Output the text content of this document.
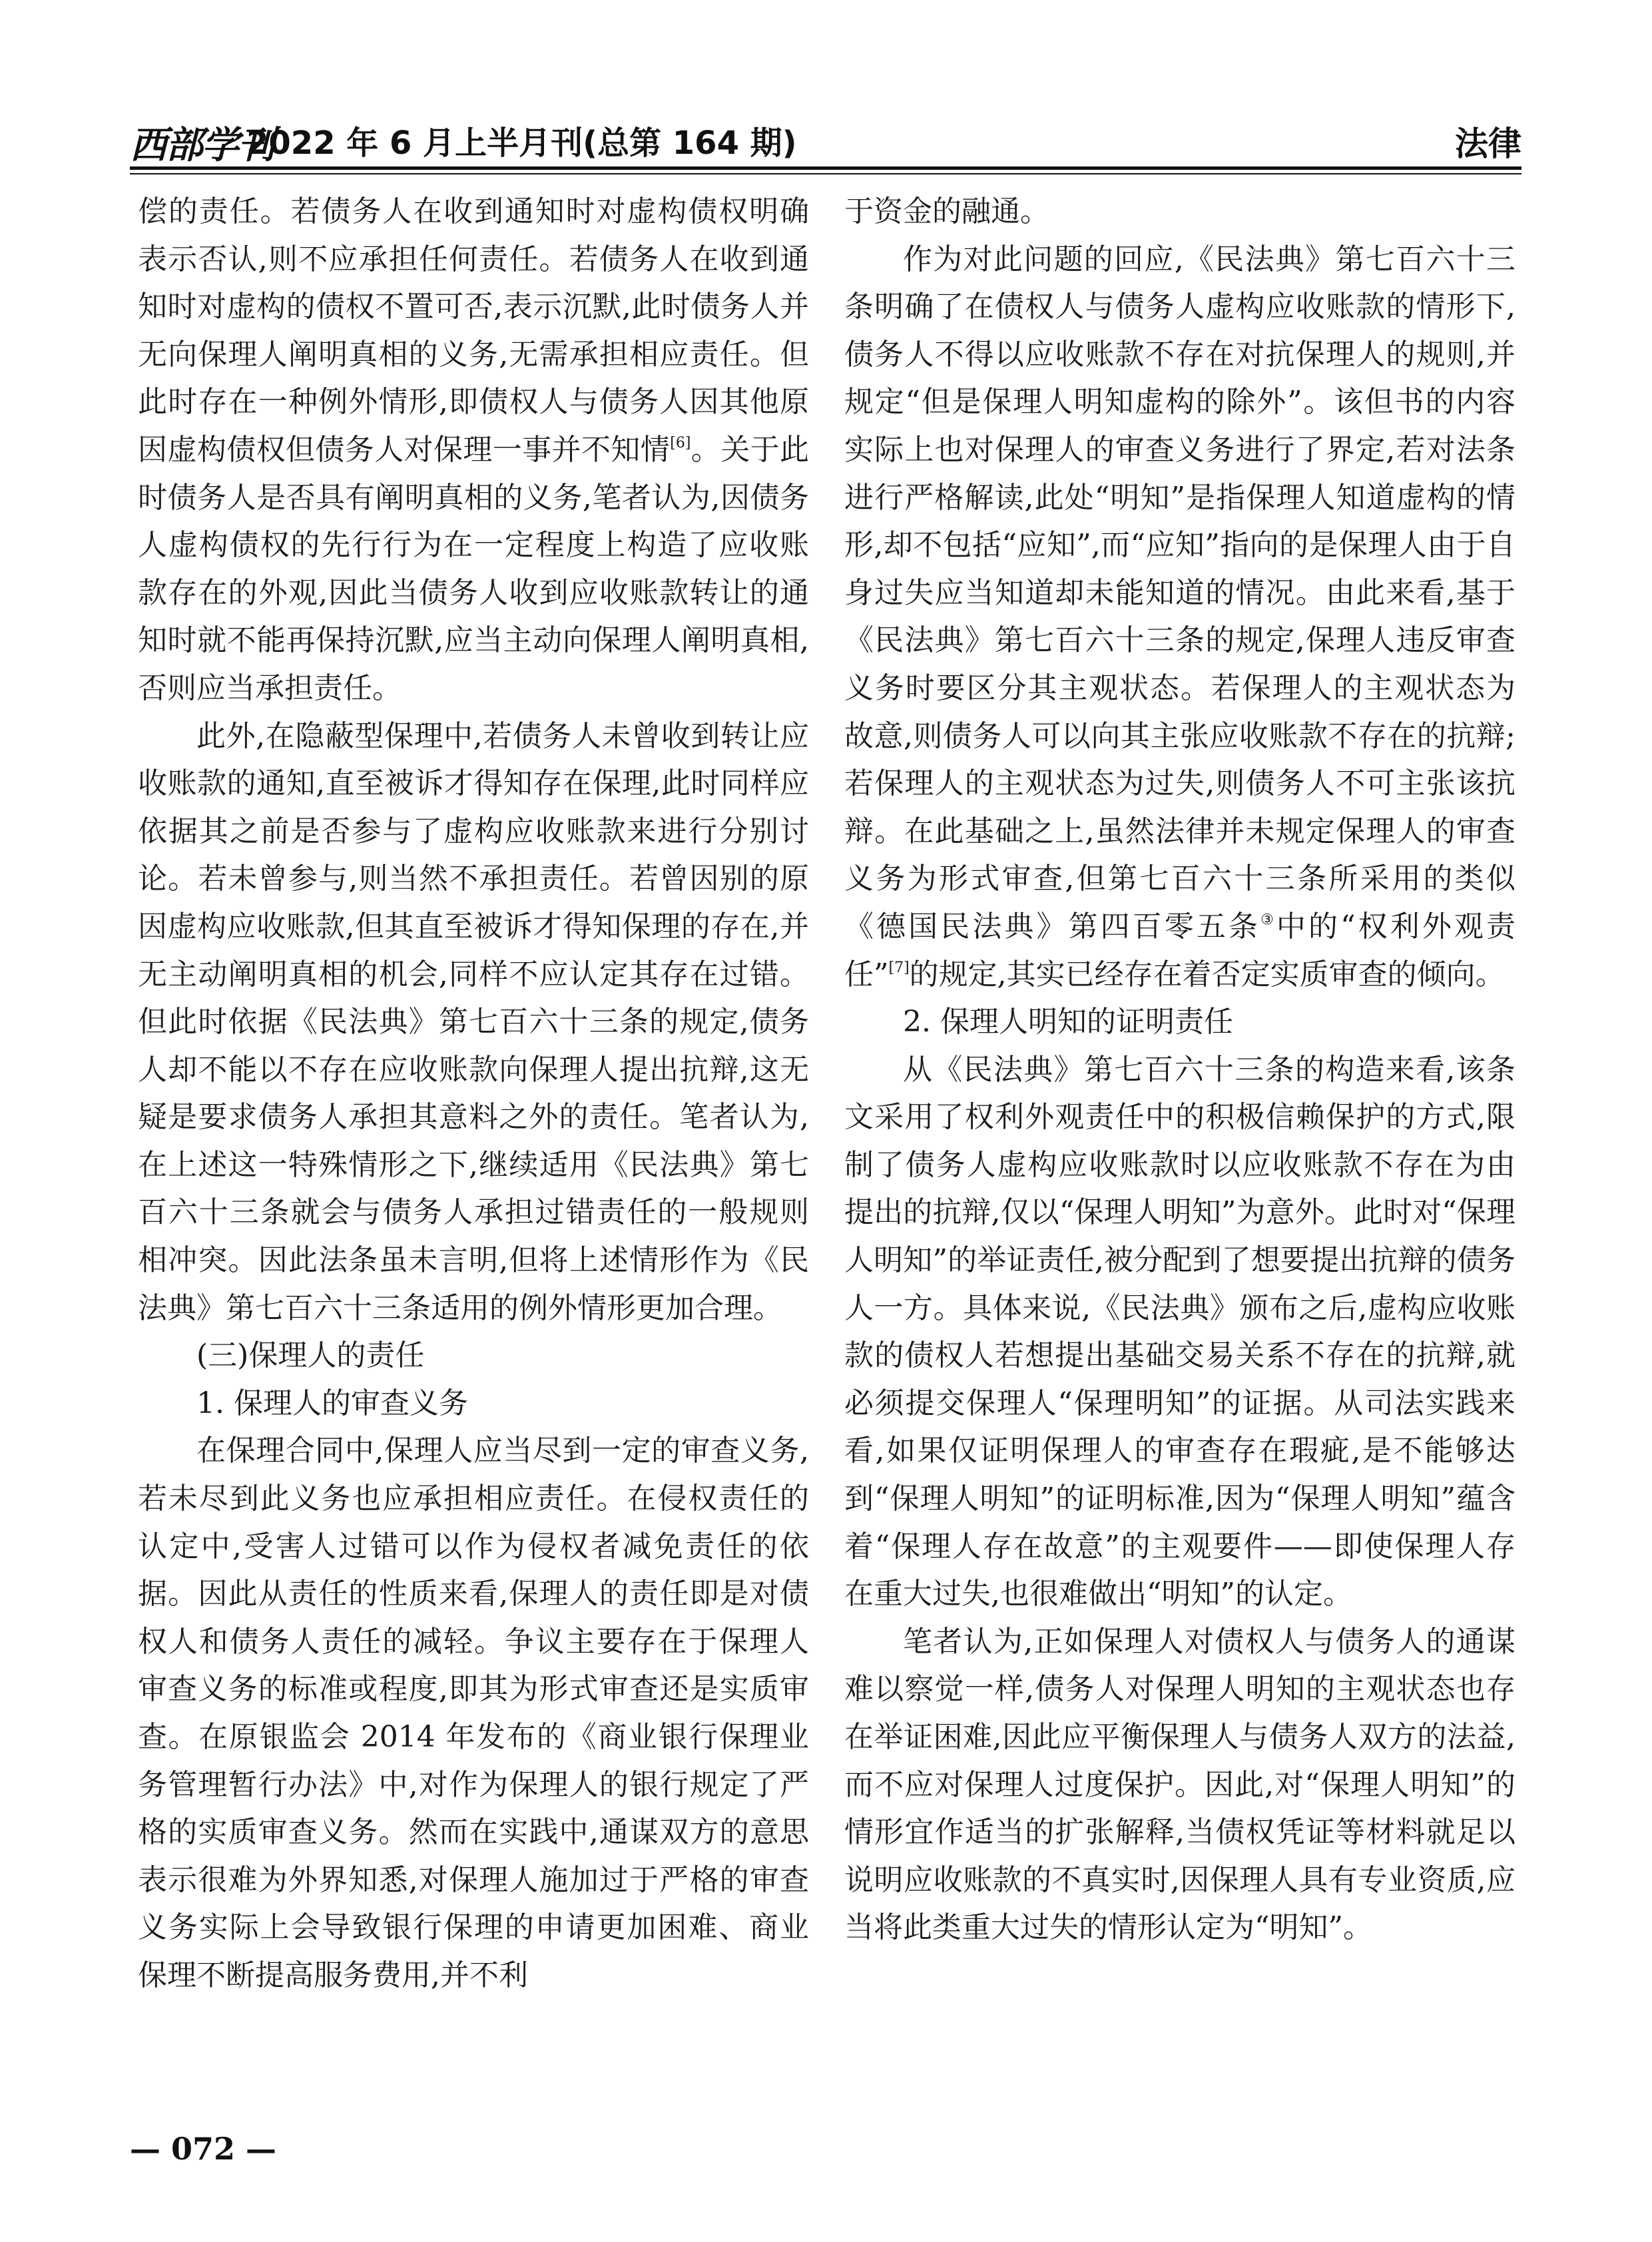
西部学刊
2022 年 6 月上半月刊(总第 164 期)	法律

偿的责任。若债务人在收到通知时对虚构债权明确表示否认,则不应承担任何责任。若债务人在收到通知时对虚构的债权不置可否,表示沉默,此时债务人并无向保理人阐明真相的义务,无需承担相应责任。但此时存在一种例外情形,即债权人与债务人因其他原因虚构债权但债务人对保理一事并不知情[6]。关于此时债务人是否具有阐明真相的义务,笔者认为,因债务人虚构债权的先行行为在一定程度上构造了应收账款存在的外观,因此当债务人收到应收账款转让的通知时就不能再保持沉默,应当主动向保理人阐明真相,否则应当承担责任。

此外,在隐蔽型保理中,若债务人未曾收到转让应收账款的通知,直至被诉才得知存在保理,此时同样应依据其之前是否参与了虚构应收账款来进行分别讨论。若未曾参与,则当然不承担责任。若曾因别的原因虚构应收账款,但其直至被诉才得知保理的存在,并无主动阐明真相的机会,同样不应认定其存在过错。但此时依据《民法典》第七百六十三条的规定,债务人却不能以不存在应收账款向保理人提出抗辩,这无疑是要求债务人承担其意料之外的责任。笔者认为,在上述这一特殊情形之下,继续适用《民法典》第七百六十三条就会与债务人承担过错责任的一般规则相冲突。因此法条虽未言明,但将上述情形作为《民法典》第七百六十三条适用的例外情形更加合理。

(三)保理人的责任

1. 保理人的审查义务

在保理合同中,保理人应当尽到一定的审查义务,若未尽到此义务也应承担相应责任。在侵权责任的认定中,受害人过错可以作为侵权者减免责任的依据。因此从责任的性质来看,保理人的责任即是对债权人和债务人责任的减轻。争议主要存在于保理人审查义务的标准或程度,即其为形式审查还是实质审查。在原银监会 2014 年发布的《商业银行保理业务管理暂行办法》中,对作为保理人的银行规定了严格的实质审查义务。然而在实践中,通谋双方的意思表示很难为外界知悉,对保理人施加过于严格的审查义务实际上会导致银行保理的申请更加困难、商业保理不断提高服务费用,并不利

于资金的融通。

作为对此问题的回应,《民法典》第七百六十三条明确了在债权人与债务人虚构应收账款的情形下,债务人不得以应收账款不存在对抗保理人的规则,并规定“但是保理人明知虚构的除外”。该但书的内容实际上也对保理人的审查义务进行了界定,若对法条进行严格解读,此处“明知”是指保理人知道虚构的情形,却不包括“应知”,而“应知”指向的是保理人由于自身过失应当知道却未能知道的情况。由此来看,基于《民法典》第七百六十三条的规定,保理人违反审查义务时要区分其主观状态。若保理人的主观状态为故意,则债务人可以向其主张应收账款不存在的抗辩;若保理人的主观状态为过失,则债务人不可主张该抗辩。在此基础之上,虽然法律并未规定保理人的审查义务为形式审查,但第七百六十三条所采用的类似《德国民法典》第四百零五条③中的“权利外观责任”[7]的规定,其实已经存在着否定实质审查的倾向。

2. 保理人明知的证明责任

从《民法典》第七百六十三条的构造来看,该条文采用了权利外观责任中的积极信赖保护的方式,限制了债务人虚构应收账款时以应收账款不存在为由提出的抗辩,仅以“保理人明知”为意外。此时对“保理人明知”的举证责任,被分配到了想要提出抗辩的债务人一方。具体来说,《民法典》颁布之后,虚构应收账款的债权人若想提出基础交易关系不存在的抗辩,就必须提交保理人“保理明知”的证据。从司法实践来看,如果仅证明保理人的审查存在瑕疵,是不能够达到“保理人明知”的证明标准,因为“保理人明知”蕴含着“保理人存在故意”的主观要件——即使保理人存在重大过失,也很难做出“明知”的认定。

笔者认为,正如保理人对债权人与债务人的通谋难以察觉一样,债务人对保理人明知的主观状态也存在举证困难,因此应平衡保理人与债务人双方的法益,而不应对保理人过度保护。因此,对“保理人明知”的情形宜作适当的扩张解释,当债权凭证等材料就足以说明应收账款的不真实时,因保理人具有专业资质,应当将此类重大过失的情形认定为“明知”。

— 072 —
